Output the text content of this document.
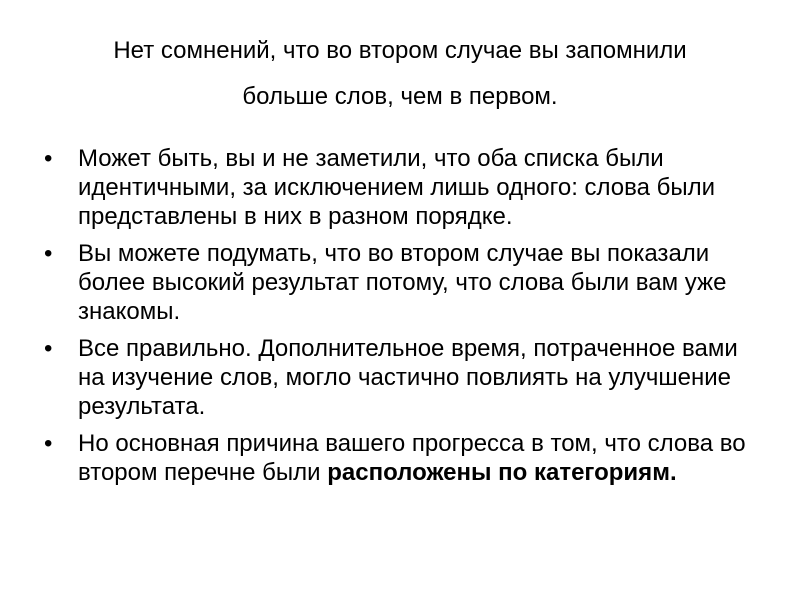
Нет сомнений, что во втором случае вы запомнили
больше слов, чем в первом.
•	Может быть, вы и не заметили, что оба списка были идентичными, за исключением лишь одного: слова были представлены в них в разном порядке.
•	Вы можете подумать, что во втором случае вы показали более высокий результат потому, что слова были вам уже знакомы.
•	Все правильно. Дополнительное время, потраченное вами на изучение слов, могло частично повлиять на улучшение результата.
•	Но основная причина вашего прогресса в том, что слова во втором перечне были расположены по категориям.
